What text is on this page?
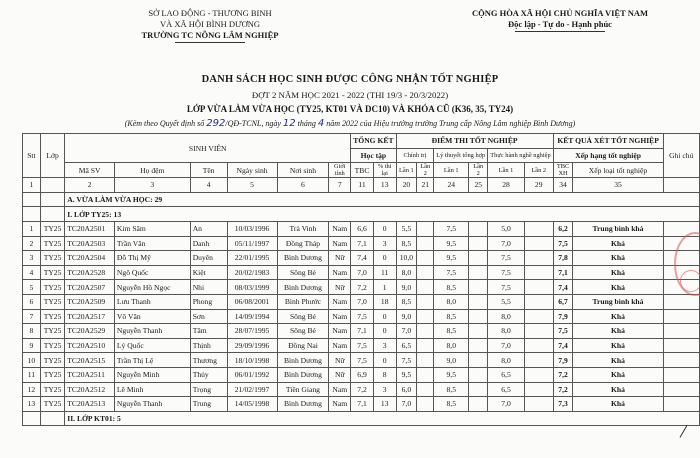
SỞ LAO ĐỘNG - THƯƠNG BINH
VÀ XÃ HỘI BÌNH DƯƠNG
TRƯỜNG TC NÔNG LÂM NGHIỆP
CỘNG HÒA XÃ HỘI CHỦ NGHĨA VIỆT NAM
Độc lập - Tự do - Hạnh phúc
DANH SÁCH HỌC SINH ĐƯỢC CÔNG NHẬN TỐT NGHIỆP
ĐỢT 2 NĂM HỌC 2021 - 2022 (THI 19/3 - 20/3/2022)
LỚP VỪA LÀM VỪA HỌC (TY25, KT01 VÀ DC10) VÀ KHÓA CŨ (K36, 35, TY24)
(Kèm theo Quyết định số 292/QĐ-TCNL, ngày 12 tháng 4 năm 2022 của Hiệu trưởng trường Trung cấp Nông Lâm nghiệp Bình Dương)
Stt	Lớp	SINH VIÊN						TỔNG KẾT		ĐIỂM THI TỐT NGHIỆP						KẾT QUẢ XÉT TỐT NGHIỆP		Ghi chú
								Học tập		Chính trị		Lý thuyết tổng hợp		Thực hành nghề nghiệp		Xếp hạng tốt nghiệp		
		Mã SV	Họ đệm	Tên	Ngày sinh	Nơi sinh	Giới tính	TBC	% thi lại	Lần 1	Lần 2	Lần 1	Lần 2	Lần 1	Lần 2	TBC XH	Xếp loại tốt nghiệp	

1		2	3	4	5	6	7	11	13	20	21	24	25	28	29	34	35	
		A. VỪA LÀM VỪA HỌC: 29																
		I. LỚP TY25: 13																
1	TY25	TC20A2501	Kim Sâm	An	10/03/1996	Trà Vinh	Nam	6,6	0	5,5		7,5		5,0		6,2	Trung bình khá	
2	TY25	TC20A2503	Trần Văn	Danh	05/11/1997	Đồng Tháp	Nam	7,1	3	8,5		9,5		7,0		7,5	Khá	
3	TY25	TC20A2504	Đỗ Thị Mỹ	Duyên	22/01/1995	Bình Dương	Nữ	7,4	0	10,0		9,5		7,5		7,8	Khá	
4	TY25	TC20A2528	Ngô Quốc	Kiệt	20/02/1983	Sông Bé	Nam	7,0	11	8,0		7,5		7,5		7,1	Khá	
5	TY25	TC20A2507	Nguyễn Hồ Ngọc	Nhi	08/03/1999	Bình Dương	Nữ	7,2	1	9,0		8,5		7,5		7,4	Khá	
6	TY25	TC20A2509	Lưu Thanh	Phong	06/08/2001	Bình Phước	Nam	7,0	18	8,5		8,0		5,5		6,7	Trung bình khá	
7	TY25	TC20A2517	Võ Văn	Sơn	14/09/1994	Sông Bé	Nam	7,5	0	9,0		8,5		8,0		7,9	Khá	
8	TY25	TC20A2529	Nguyễn Thanh	Tâm	28/07/1995	Sông Bé	Nam	7,1	0	7,0		8,5		8,0		7,5	Khá	
9	TY25	TC20A2510	Lý Quốc	Thịnh	29/09/1996	Đồng Nai	Nam	7,5	3	6,5		8,0		7,0		7,4	Khá	
10	TY25	TC20A2515	Trần Thị Lệ	Thương	18/10/1998	Bình Dương	Nữ	7,5	0	7,5		9,0		8,0		7,9	Khá	
11	TY25	TC20A2511	Nguyễn Minh	Thủy	06/01/1992	Bình Dương	Nữ	6,9	8	9,5		9,5		6,5		7,2	Khá	
12	TY25	TC20A2512	Lê Minh	Trọng	21/02/1997	Tiền Giang	Nam	7,2	3	6,0		8,5		6,5		7,2	Khá	
13	TY25	TC20A2513	Nguyễn Thanh	Trung	14/05/1998	Bình Dương	Nam	7,1	13	7,0		8,5		7,0		7,3	Khá	
		II. LỚP KT01: 5																
